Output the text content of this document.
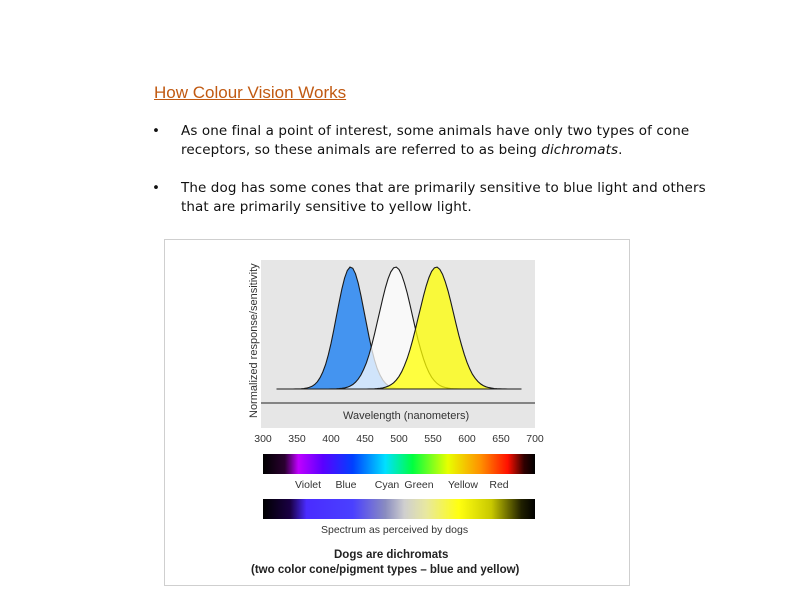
How Colour Vision Works
• As one final a point of interest, some animals have only two types of cone receptors, so these animals are referred to as being dichromats.
• The dog has some cones that are primarily sensitive to blue light and others that are primarily sensitive to yellow light.
Normalized response/sensitivity	Wavelength (nanometers)
300 350 400 450 500 550 600 650 700
Violet Blue Cyan Green Yellow Red
Spectrum as perceived by dogs
Dogs are dichromats
(two color cone/pigment types – blue and yellow)
